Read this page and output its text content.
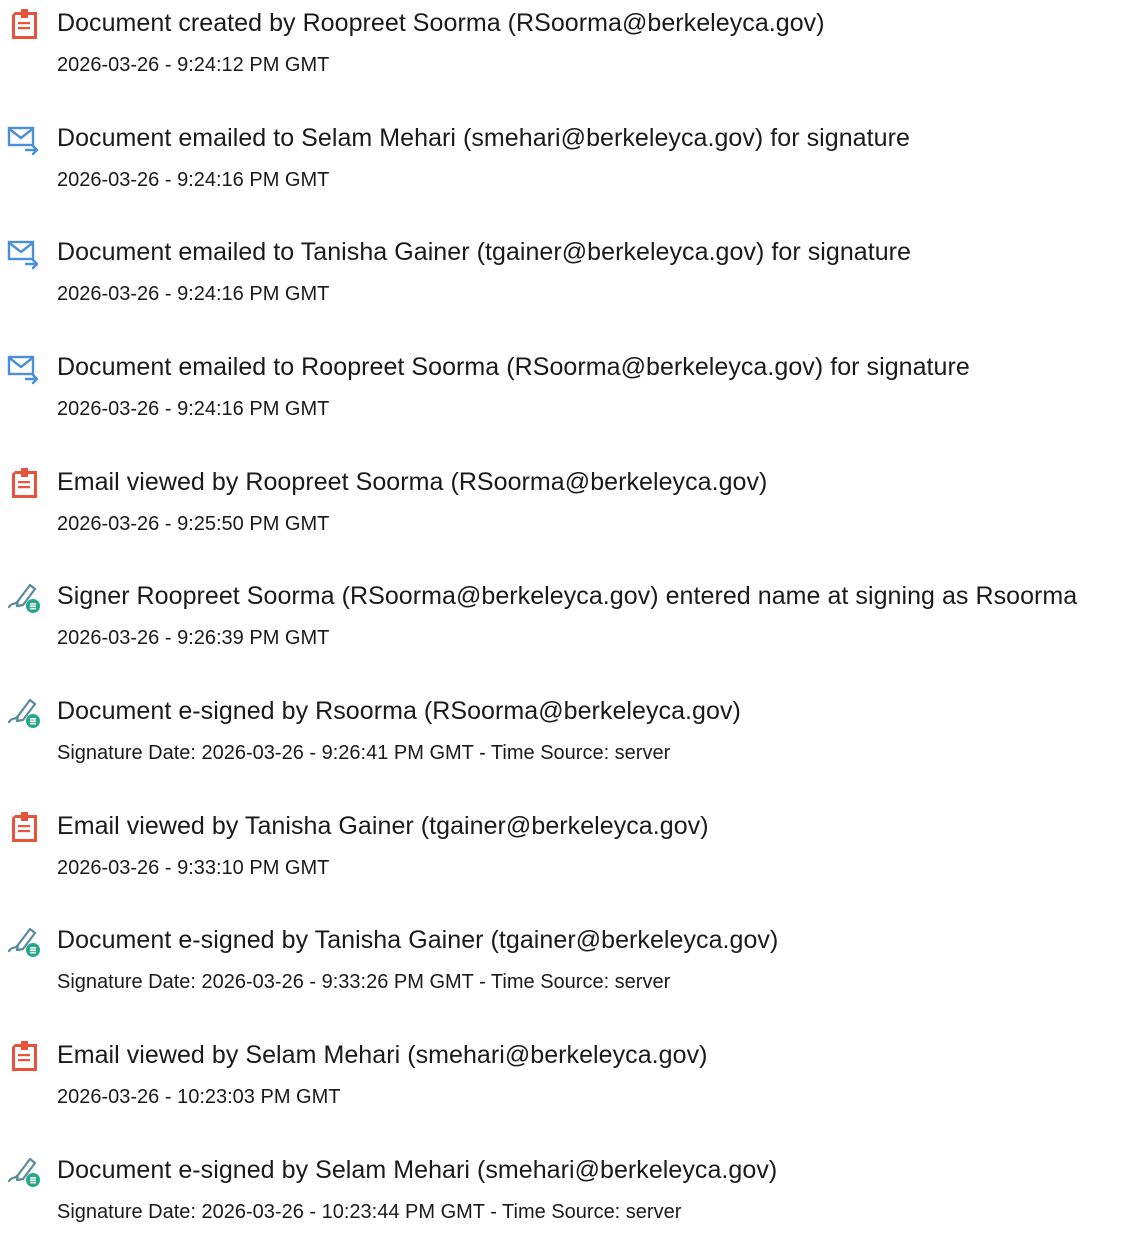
Document created by Roopreet Soorma (RSoorma@berkeleyca.gov)
2026-03-26 - 9:24:12 PM GMT
Document emailed to Selam Mehari (smehari@berkeleyca.gov) for signature
2026-03-26 - 9:24:16 PM GMT
Document emailed to Tanisha Gainer (tgainer@berkeleyca.gov) for signature
2026-03-26 - 9:24:16 PM GMT
Document emailed to Roopreet Soorma (RSoorma@berkeleyca.gov) for signature
2026-03-26 - 9:24:16 PM GMT
Email viewed by Roopreet Soorma (RSoorma@berkeleyca.gov)
2026-03-26 - 9:25:50 PM GMT
Signer Roopreet Soorma (RSoorma@berkeleyca.gov) entered name at signing as Rsoorma
2026-03-26 - 9:26:39 PM GMT
Document e-signed by Rsoorma (RSoorma@berkeleyca.gov)
Signature Date: 2026-03-26 - 9:26:41 PM GMT - Time Source: server
Email viewed by Tanisha Gainer (tgainer@berkeleyca.gov)
2026-03-26 - 9:33:10 PM GMT
Document e-signed by Tanisha Gainer (tgainer@berkeleyca.gov)
Signature Date: 2026-03-26 - 9:33:26 PM GMT - Time Source: server
Email viewed by Selam Mehari (smehari@berkeleyca.gov)
2026-03-26 - 10:23:03 PM GMT
Document e-signed by Selam Mehari (smehari@berkeleyca.gov)
Signature Date: 2026-03-26 - 10:23:44 PM GMT - Time Source: server
